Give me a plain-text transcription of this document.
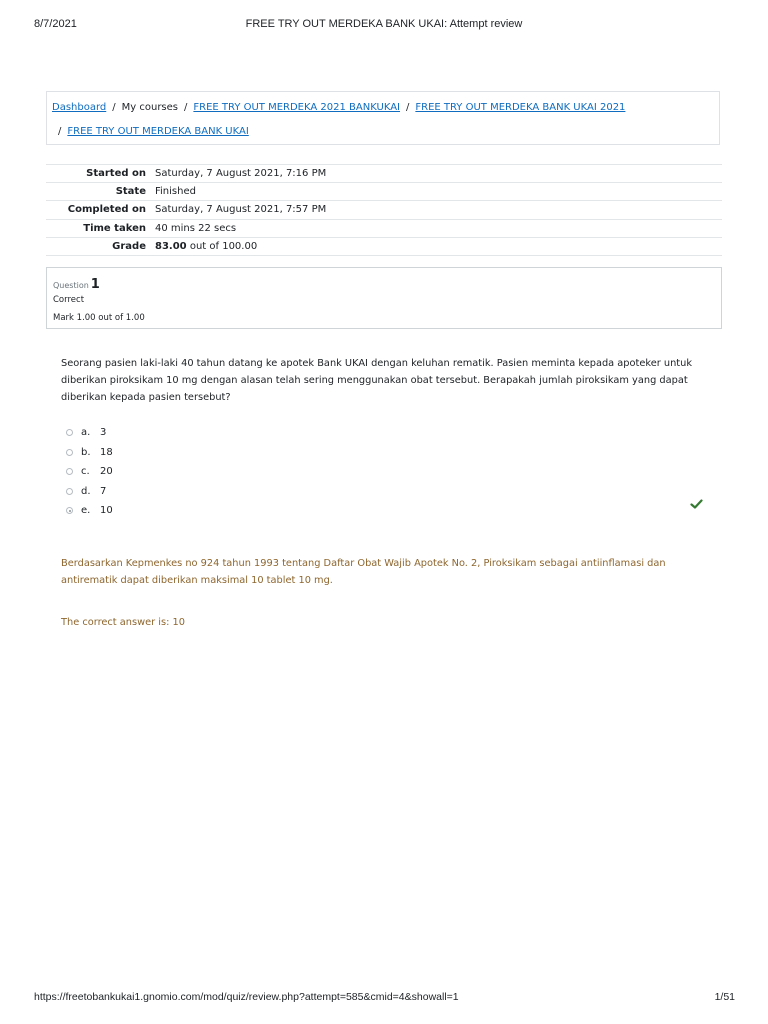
8/7/2021	FREE TRY OUT MERDEKA BANK UKAI: Attempt review
Dashboard / My courses / FREE TRY OUT MERDEKA 2021 BANKUKAI / FREE TRY OUT MERDEKA BANK UKAI 2021
/ FREE TRY OUT MERDEKA BANK UKAI
Started on	Saturday, 7 August 2021, 7:16 PM
State	Finished
Completed on	Saturday, 7 August 2021, 7:57 PM
Time taken	40 mins 22 secs
Grade	83.00 out of 100.00
Question 1
Correct
Mark 1.00 out of 1.00
Seorang pasien laki-laki 40 tahun datang ke apotek Bank UKAI dengan keluhan rematik. Pasien meminta kepada apoteker untuk diberikan piroksikam 10 mg dengan alasan telah sering menggunakan obat tersebut. Berapakah jumlah piroksikam yang dapat diberikan kepada pasien tersebut?
a. 3
b. 18
c.	20
d. 7
e. 10
Berdasarkan Kepmenkes no 924 tahun 1993 tentang Daftar Obat Wajib Apotek No. 2, Piroksikam sebagai antiinflamasi dan antirematik dapat diberikan maksimal 10 tablet 10 mg.
The correct answer is: 10
https://freetobankukai1.gnomio.com/mod/quiz/review.php?attempt=585&cmid=4&showall=1	1/51
